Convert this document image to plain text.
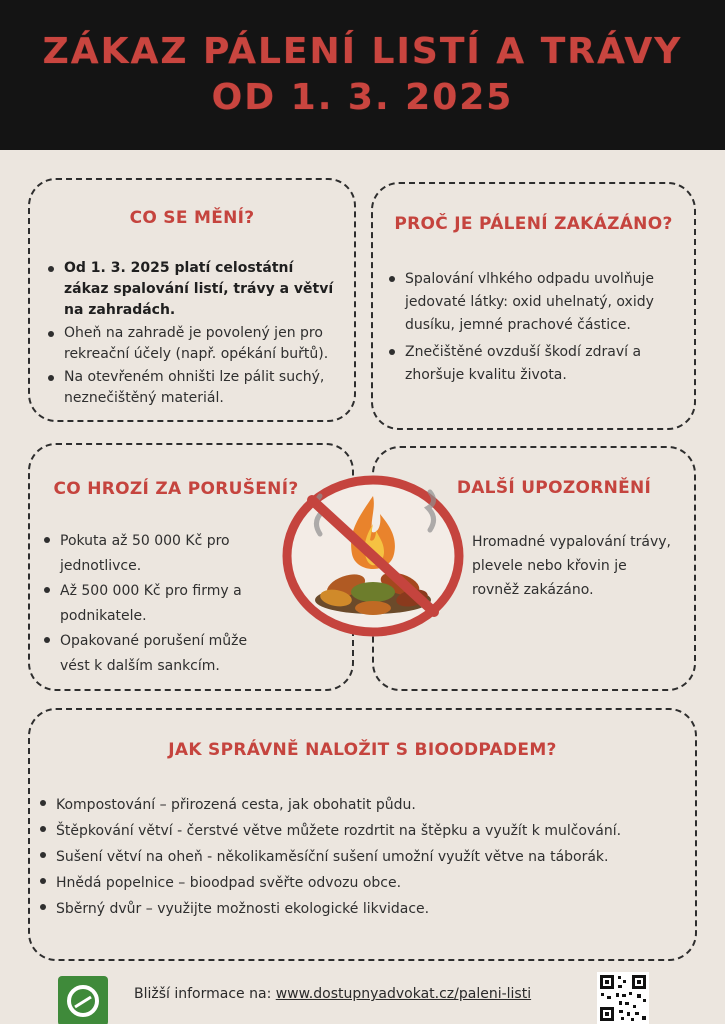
ZÁKAZ PÁLENÍ LISTÍ A TRÁVY
OD 1. 3. 2025
CO SE MĚNÍ?
Od 1. 3. 2025 platí celostátní zákaz spalování listí, trávy a větví na zahradách.
Oheň na zahradě je povolený jen pro rekreační účely (např. opékání buřtů).
Na otevřeném ohništi lze pálit suchý, neznečištěný materiál.
PROČ JE PÁLENÍ ZAKÁZÁNO?
Spalování vlhkého odpadu uvolňuje jedovaté látky: oxid uhelnatý, oxidy dusíku, jemné prachové částice.
Znečištěné ovzduší škodí zdraví a zhoršuje kvalitu života.
CO HROZÍ ZA PORUŠENÍ?
Pokuta až 50 000 Kč pro jednotlivce.
Až 500 000 Kč pro firmy a podnikatele.
Opakované porušení může vést k dalším sankcím.
DALŠÍ UPOZORNĚNÍ
Hromadné vypalování trávy, plevele nebo křovin je rovněž zakázáno.
JAK SPRÁVNĚ NALOŽIT S BIOODPADEM?
Kompostování – přirozená cesta, jak obohatit půdu.
Štěpkování větví - čerstvé větve můžete rozdrtit na štěpku a využít k mulčování.
Sušení větví na oheň - několikaměsíční sušení umožní využít větve na táborák.
Hnědá popelnice – bioodpad svěřte odvozu obce.
Sběrný dvůr – využijte možnosti ekologické likvidace.
Bližší informace na: www.dostupnyadvokat.cz/paleni-listi
